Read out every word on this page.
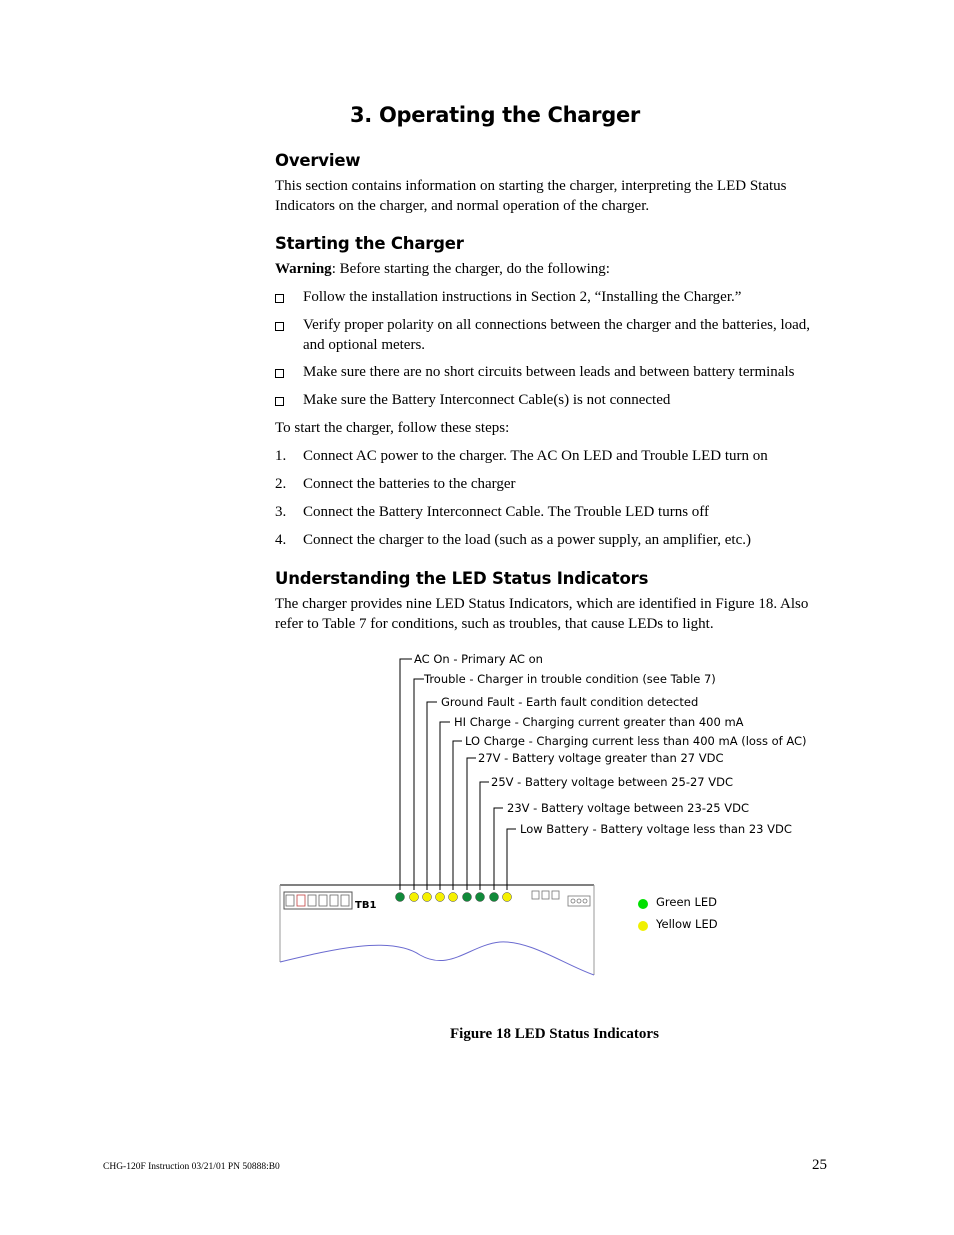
3. Operating the Charger
Overview
This section contains information on starting the charger, interpreting the LED Status
Indicators on the charger, and normal operation of the charger.
Starting the Charger
Warning: Before starting the charger, do the following:
Follow the installation instructions in Section 2, “Installing the Charger.”
Verify proper polarity on all connections between the charger and the batteries, load,
and optional meters.
Make sure there are no short circuits between leads and between battery terminals
Make sure the Battery Interconnect Cable(s) is not connected
To start the charger, follow these steps:
1.	Connect AC power to the charger. The AC On LED and Trouble LED turn on
2.	Connect the batteries to the charger
3.	Connect the Battery Interconnect Cable. The Trouble LED turns off
4.	Connect the charger to the load (such as a power supply, an amplifier, etc.)
Understanding the LED Status Indicators
The charger provides nine LED Status Indicators, which are identified in Figure 18. Also
refer to Table 7 for conditions, such as troubles, that cause LEDs to light.
AC On - Primary AC on
Trouble - Charger in trouble condition (see Table 7)
Ground Fault - Earth fault condition detected
HI Charge - Charging current greater than 400 mA
LO Charge - Charging current less than 400 mA (loss of AC)
27V - Battery voltage greater than 27 VDC
25V - Battery voltage between 25-27 VDC
23V - Battery voltage between 23-25 VDC
Low Battery - Battery voltage less than 23 VDC
TB1	Green LED
Yellow LED
Figure 18 LED Status Indicators
CHG-120F Instruction 03/21/01 PN 50888:B0	25
